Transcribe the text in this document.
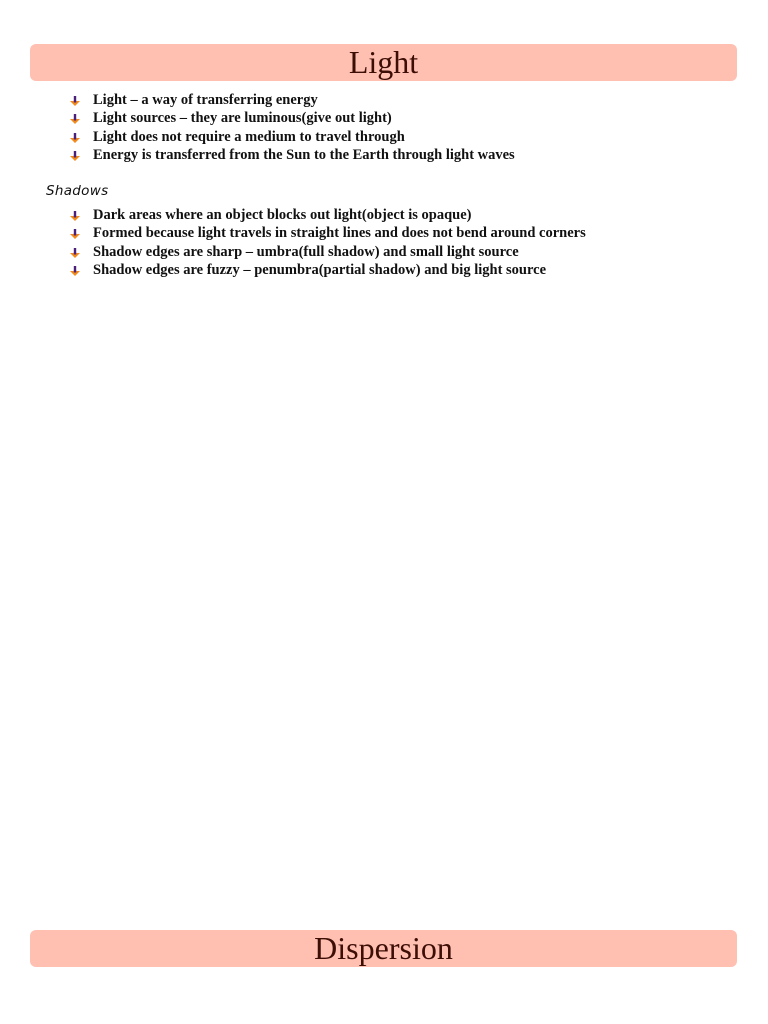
Light
Light – a way of transferring energy
Light sources – they are luminous(give out light)
Light does not require a medium to travel through
Energy is transferred from the Sun to the Earth through light waves
Shadows
Dark areas where an object blocks out light(object is opaque)
Formed because light travels in straight lines and does not bend around corners
Shadow edges are sharp – umbra(full shadow) and small light source
Shadow edges are fuzzy – penumbra(partial shadow) and big light source
Dispersion
